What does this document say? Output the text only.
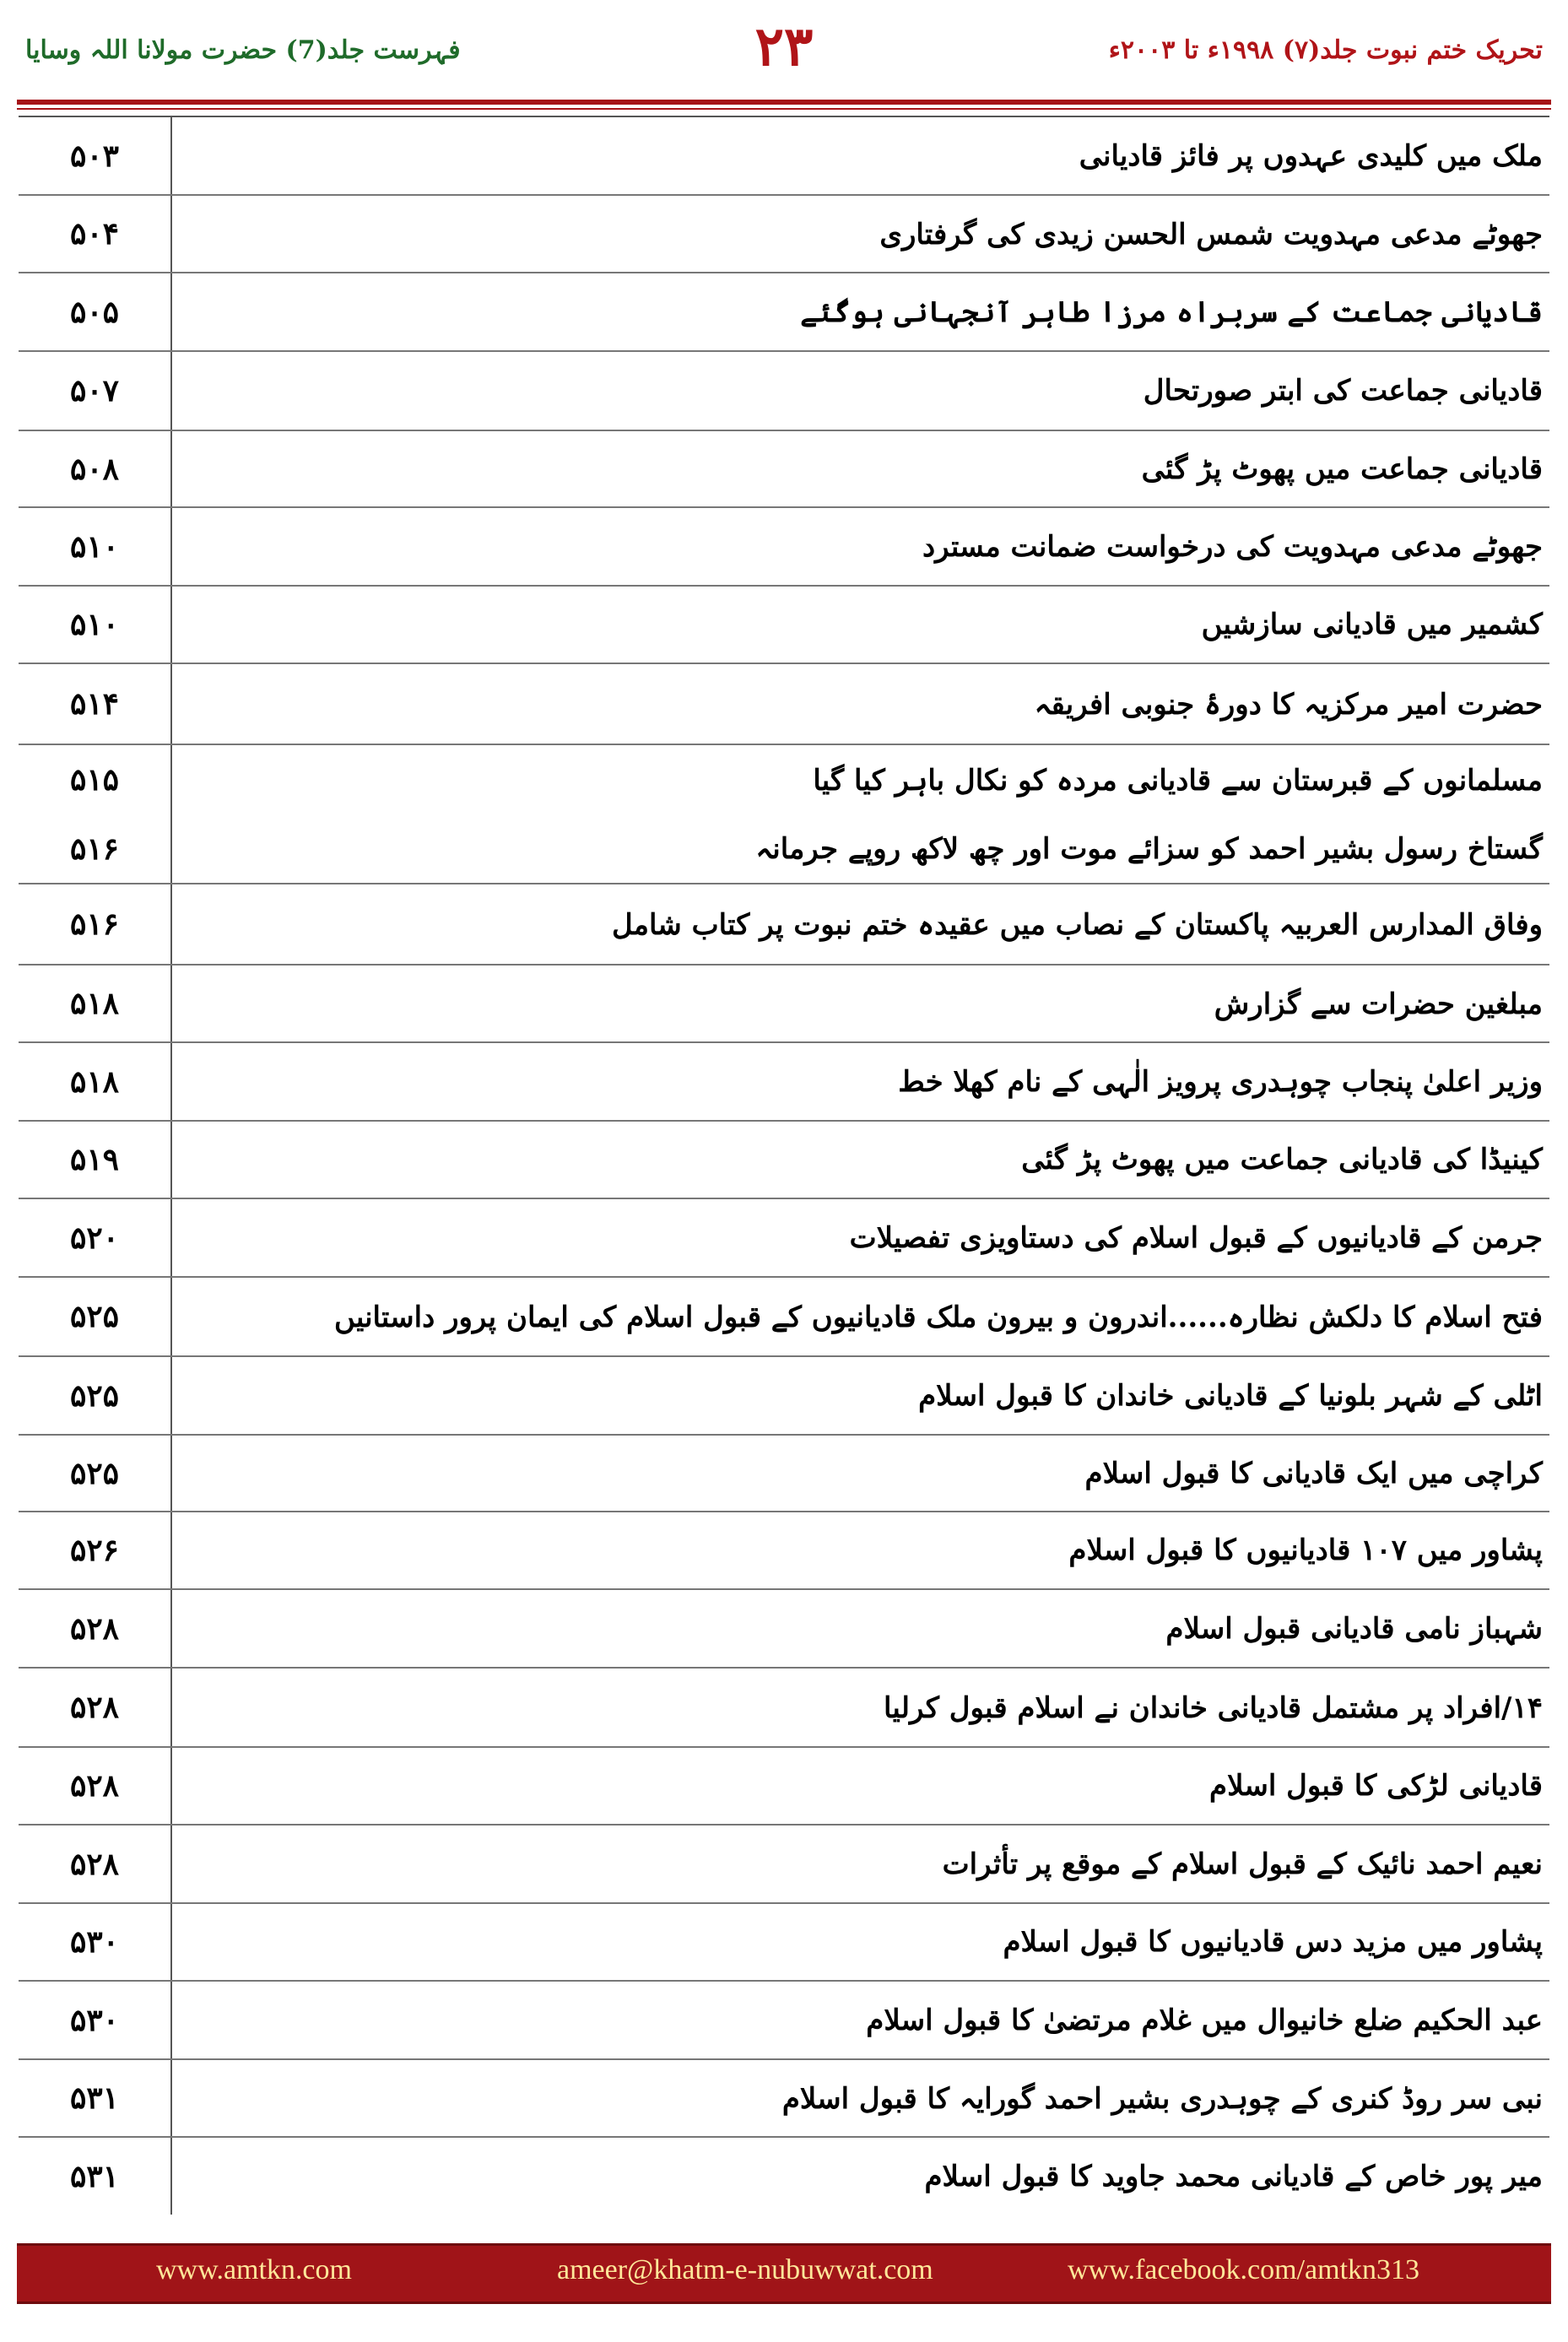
فہرست جلد(7) حضرت مولانا اللہ وسایا	۲۳	تحریک ختم نبوت جلد(۷) ۱۹۹۸ء تا ۲۰۰۳ء
۵۰۳	ملک میں کلیدی عہدوں پر فائز قادیانی
۵۰۴	جھوٹے مدعی مہدویت شمس الحسن زیدی کی گرفتاری
۵۰۵	قادیانی جماعت کے سربراہ مرزا طاہر آنجہانی ہوگئے
۵۰۷	قادیانی جماعت کی ابتر صورتحال
۵۰۸	قادیانی جماعت میں پھوٹ پڑ گئی
۵۱۰	جھوٹے مدعی مہدویت کی درخواست ضمانت مسترد
۵۱۰	کشمیر میں قادیانی سازشیں
۵۱۴	حضرت امیر مرکزیہ کا دورۂ جنوبی افریقہ
۵۱۵	مسلمانوں کے قبرستان سے قادیانی مردہ کو نکال باہر کیا گیا
۵۱۶	گستاخ رسول بشیر احمد کو سزائے موت اور چھ لاکھ روپے جرمانہ
۵۱۶	وفاق المدارس العربیہ پاکستان کے نصاب میں عقیدہ ختم نبوت پر کتاب شامل
۵۱۸	مبلغین حضرات سے گزارش
۵۱۸	وزیر اعلیٰ پنجاب چوہدری پرویز الٰہی کے نام کھلا خط
۵۱۹	کینیڈا کی قادیانی جماعت میں پھوٹ پڑ گئی
۵۲۰	جرمن کے قادیانیوں کے قبول اسلام کی دستاویزی تفصیلات
۵۲۵	فتح اسلام کا دلکش نظارہ......اندرون و بیرون ملک قادیانیوں کے قبول اسلام کی ایمان پرور داستانیں
۵۲۵	اٹلی کے شہر بلونیا کے قادیانی خاندان کا قبول اسلام
۵۲۵	کراچی میں ایک قادیانی کا قبول اسلام
۵۲۶	پشاور میں ۱۰۷ قادیانیوں کا قبول اسلام
۵۲۸	شہباز نامی قادیانی قبول اسلام
۵۲۸	۱۴/افراد پر مشتمل قادیانی خاندان نے اسلام قبول کرلیا
۵۲۸	قادیانی لڑکی کا قبول اسلام
۵۲۸	نعیم احمد نائیک کے قبول اسلام کے موقع پر تأثرات
۵۳۰	پشاور میں مزید دس قادیانیوں کا قبول اسلام
۵۳۰	عبد الحکیم ضلع خانیوال میں غلام مرتضیٰ کا قبول اسلام
۵۳۱	نبی سر روڈ کنری کے چوہدری بشیر احمد گورایہ کا قبول اسلام
۵۳۱	میر پور خاص کے قادیانی محمد جاوید کا قبول اسلام
www.amtkn.com	ameer@khatm-e-nubuwwat.com	www.facebook.com/amtkn313
